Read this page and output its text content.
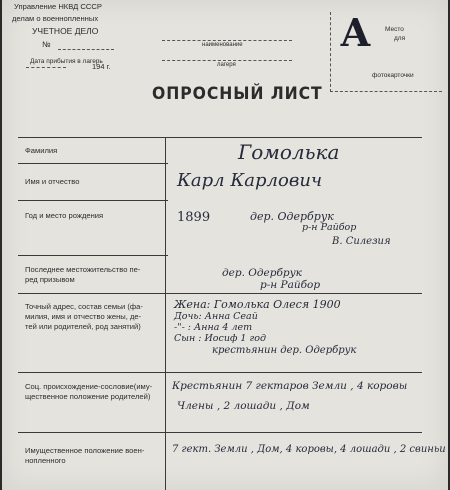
Управление НКВД СССР
делам о военнопленных
УЧЕТНОЕ ДЕЛО
№
Дата прибытия в лагерь
194 г.
наименование
лагеря
ОПРОСНЫЙ ЛИСТ
Место
для
фотокарточки
А
Фамилия
Имя и отчество
Год и место рождения
Последнее местожительство пе-
ред призывом
Точный адрес, состав семьи (фа-
милия, имя и отчество жены, де-
тей или родителей, род занятий)
Соц. происхождение-сословие(иму-
щественное положение родителей)
Имущественное положение воен-
нопленного
Гомолька
Карл Карлович
1899	дер. Одербрук
р-н Райбор
В. Силезия
дер. Одербрук
р-н Райбор
Жена: Гомолька Олеся 1900
Дочь: Анна Сеай
-"- : Анна 4 лет
Сын : Иосиф 1 год
крестьянин дер. Одербрук
Крестьянин 7 гектаров Земли , 4 коровы
Члены , 2 лошади , Дом
7 гект. Земли , Дом, 4 коровы, 4 лошади , 2 свиньи
